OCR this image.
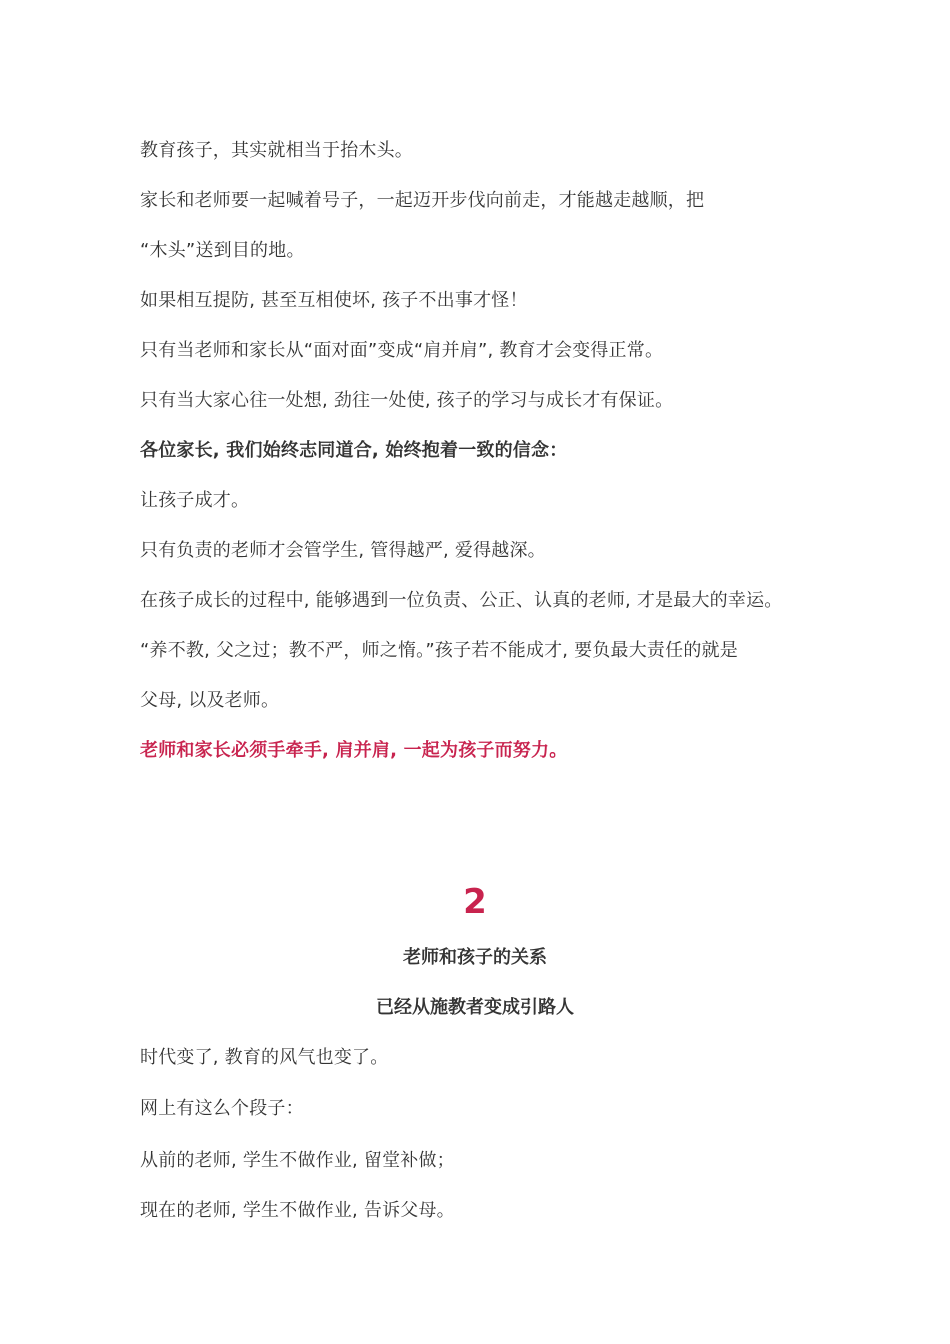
教育孩子，其实就相当于抬木头。
家长和老师要一起喊着号子，一起迈开步伐向前走，才能越走越顺，把
“木头”送到目的地。
如果相互提防, 甚至互相使坏, 孩子不出事才怪！
只有当老师和家长从“面对面”变成“肩并肩”, 教育才会变得正常。
只有当大家心往一处想, 劲往一处使, 孩子的学习与成长才有保证。
各位家长, 我们始终志同道合, 始终抱着一致的信念：
让孩子成才。
只有负责的老师才会管学生, 管得越严, 爱得越深。
在孩子成长的过程中, 能够遇到一位负责、公正、认真的老师, 才是最大的幸运。
“养不教, 父之过；教不严，师之惰。”孩子若不能成才, 要负最大责任的就是
父母, 以及老师。
老师和家长必须手牵手, 肩并肩, 一起为孩子而努力。
2
老师和孩子的关系
已经从施教者变成引路人
时代变了, 教育的风气也变了。
网上有这么个段子：
从前的老师, 学生不做作业, 留堂补做；
现在的老师, 学生不做作业, 告诉父母。
